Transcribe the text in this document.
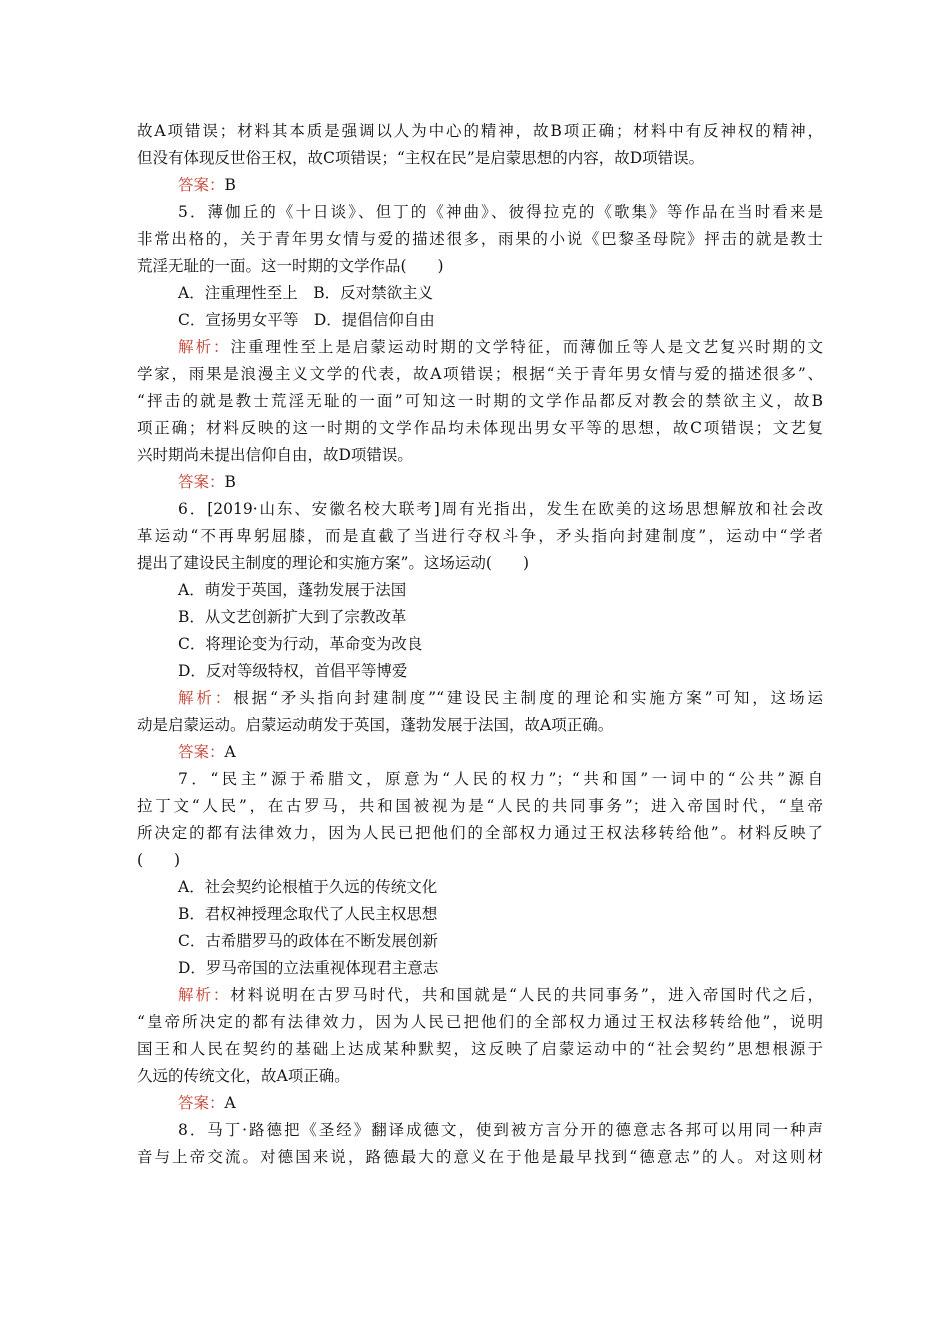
故A项错误；材料其本质是强调以人为中心的精神，故B项正确；材料中有反神权的精神，
但没有体现反世俗王权，故C项错误；“主权在民”是启蒙思想的内容，故D项错误。
答案：B
5．薄伽丘的《十日谈》、但丁的《神曲》、彼得拉克的《歌集》等作品在当时看来是
非常出格的，关于青年男女情与爱的描述很多，雨果的小说《巴黎圣母院》抨击的就是教士
荒淫无耻的一面。这一时期的文学作品(　　)
A．注重理性至上　B．反对禁欲主义
C．宣扬男女平等　D．提倡信仰自由
解析：注重理性至上是启蒙运动时期的文学特征，而薄伽丘等人是文艺复兴时期的文
学家，雨果是浪漫主义文学的代表，故A项错误；根据“关于青年男女情与爱的描述很多”、
“抨击的就是教士荒淫无耻的一面”可知这一时期的文学作品都反对教会的禁欲主义，故B
项正确；材料反映的这一时期的文学作品均未体现出男女平等的思想，故C项错误；文艺复
兴时期尚未提出信仰自由，故D项错误。
答案：B
6．[2019·山东、安徽名校大联考]周有光指出，发生在欧美的这场思想解放和社会改
革运动“不再卑躬屈膝，而是直截了当进行夺权斗争，矛头指向封建制度”，运动中“学者
提出了建设民主制度的理论和实施方案”。这场运动(　　)
A．萌发于英国，蓬勃发展于法国
B．从文艺创新扩大到了宗教改革
C．将理论变为行动，革命变为改良
D．反对等级特权，首倡平等博爱
解析：根据“矛头指向封建制度”“建设民主制度的理论和实施方案”可知，这场运
动是启蒙运动。启蒙运动萌发于英国，蓬勃发展于法国，故A项正确。
答案：A
7．“民主”源于希腊文，原意为“人民的权力”；“共和国”一词中的“公共”源自
拉丁文“人民”，在古罗马，共和国被视为是“人民的共同事务”；进入帝国时代，“皇帝
所决定的都有法律效力，因为人民已把他们的全部权力通过王权法移转给他”。材料反映了
(　　)
A．社会契约论根植于久远的传统文化
B．君权神授理念取代了人民主权思想
C．古希腊罗马的政体在不断发展创新
D．罗马帝国的立法重视体现君主意志
解析：材料说明在古罗马时代，共和国就是“人民的共同事务”，进入帝国时代之后，
“皇帝所决定的都有法律效力，因为人民已把他们的全部权力通过王权法移转给他”，说明
国王和人民在契约的基础上达成某种默契，这反映了启蒙运动中的“社会契约”思想根源于
久远的传统文化，故A项正确。
答案：A
8．马丁·路德把《圣经》翻译成德文，使到被方言分开的德意志各邦可以用同一种声
音与上帝交流。对德国来说，路德最大的意义在于他是最早找到“德意志”的人。对这则材
